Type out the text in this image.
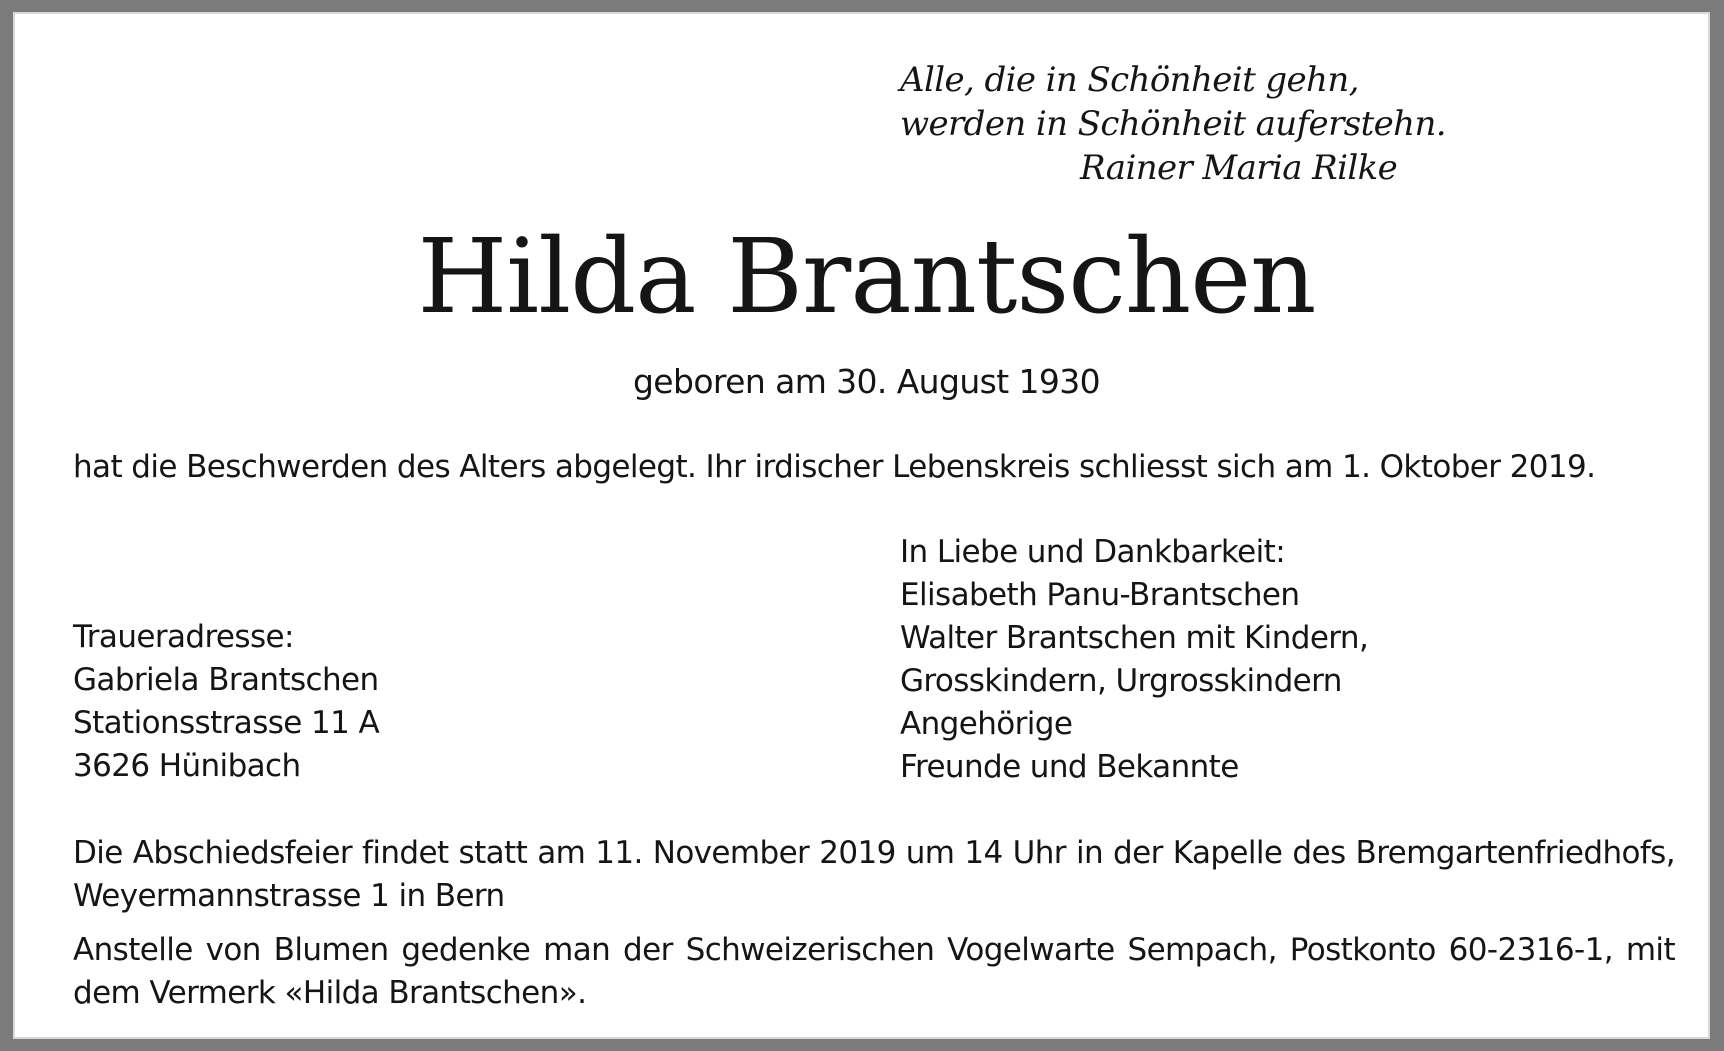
Alle, die in Schönheit gehn,
werden in Schönheit auferstehn.
Rainer Maria Rilke
Hilda Brantschen
geboren am 30. August 1930
hat die Beschwerden des Alters abgelegt. Ihr irdischer Lebenskreis schliesst sich am 1. Oktober 2019.
In Liebe und Dankbarkeit:
Elisabeth Panu-Brantschen
Walter Brantschen mit Kindern,
Grosskindern, Urgrosskindern
Angehörige
Freunde und Bekannte
Traueradresse:
Gabriela Brantschen
Stationsstrasse 11 A
3626 Hünibach
Die Abschiedsfeier findet statt am 11. November 2019 um 14 Uhr in der Kapelle des Bremgartenfriedhofs, Weyermannstrasse 1 in Bern
Anstelle von Blumen gedenke man der Schweizerischen Vogelwarte Sempach, Postkonto 60-2316-1, mit dem Vermerk «Hilda Brantschen».
